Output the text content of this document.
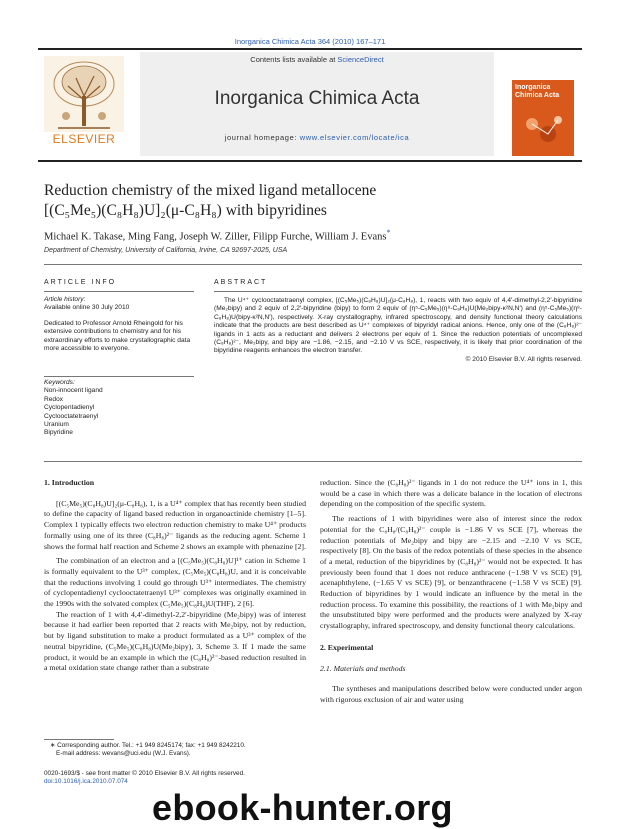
Inorganica Chimica Acta 364 (2010) 167–171
ELSEVIER
Contents lists available at ScienceDirect
Inorganica Chimica Acta
journal homepage: www.elsevier.com/locate/ica
Inorganica Chimica Acta

Reduction chemistry of the mixed ligand metallocene

[(C₅Me₅)(C₈H₈)U]₂(μ-C₈H₈) with bipyridines

Michael K. Takase, Ming Fang, Joseph W. Ziller, Filipp Furche, William J. Evans*
Department of Chemistry, University of California, Irvine, CA 92697-2025, USA
ARTICLE INFO

Article history:

Available online 30 July 2010

Dedicated to Professor Arnold Rheingold for his extensive contributions to chemistry and for his extraordinary efforts to make crystallographic data more accessible to everyone.

Keywords:

Non-innocent ligand

Redox

Cyclopentadienyl

Cyclooctatetraenyl

Uranium

Bipyridine

ABSTRACT

The U⁴⁺ cyclooctatetraenyl complex, [(C₅Me₅)(C₈H₈)U]₂(μ-C₈H₈), 1, reacts with two equiv of 4,4′-dimethyl-2,2′-bipyridine (Me₂bipy) and 2 equiv of 2,2′-bipyridine (bipy) to form 2 equiv of (η⁵-C₅Me₅)(η⁸-C₈H₈)U(Me₂bipy-κ²N,N′) and (η⁵-C₅Me₅)(η⁸-C₈H₈)U(bipy-κ²N,N′), respectively. X-ray crystallography, infrared spectroscopy, and density functional theory calculations indicate that the products are best described as U⁴⁺ complexes of bipyridyl radical anions. Hence, only one of the (C₈H₈)²⁻ ligands in 1 acts as a reductant and delivers 2 electrons per equiv of 1. Since the reduction potentials of uncomplexed (C₈H₈)²⁻, Me₂bipy, and bipy are −1.86, −2.15, and −2.10 V vs SCE, respectively, it is likely that prior coordination of the bipyridine reagents enhances the electron transfer.

© 2010 Elsevier B.V. All rights reserved.

1. Introduction

[(C₅Me₅)(C₈H₈)U]₂(μ-C₈H₈), 1, is a U⁴⁺ complex that has recently been studied to define the capacity of ligand based reduction in organoactinide chemistry [1–5]. Complex 1 typically effects two electron reduction chemistry to make U⁴⁺ products formally using one of its three (C₈H₈)²⁻ ligands as the reducing agent. Scheme 1 shows the formal half reaction and Scheme 2 shows an example with phenazine [2].

The combination of an electron and a [(C₅Me₅)(C₈H₈)U]¹⁺ cation in Scheme 1 is formally equivalent to the U³⁺ complex, (C₅Me₅)(C₈H₈)U, and it is conceivable that the reductions involving 1 could go through U³⁺ intermediates. The chemistry of cyclopentadienyl cyclooctatetraenyl U³⁺ complexes was originally examined in the 1990s with the solvated complex (C₅Me₅)(C₈H₈)U(THF), 2 [6].

The reaction of 1 with 4,4′-dimethyl-2,2′-bipyridine (Me₂bipy) was of interest because it had earlier been reported that 2 reacts with Me₂bipy, not by reduction, but by ligand substitution to make a product formulated as a U³⁺ complex of the neutral bipyridine, (C₅Me₅)(C₈H₈)U(Me₂bipy), 3, Scheme 3. If 1 made the same product, it would be an example in which the (C₈H₈)²⁻-based reduction resulted in a metal oxidation state change rather than a substrate

∗ Corresponding author. Tel.: +1 949 8245174; fax: +1 949 8242210.

E-mail address: wevans@uci.edu (W.J. Evans).

0020-1693/$ - see front matter © 2010 Elsevier B.V. All rights reserved.

doi:10.1016/j.ica.2010.07.074

reduction. Since the (C₈H₈)²⁻ ligands in 1 do not reduce the U⁴⁺ ions in 1, this would be a case in which there was a delicate balance in the location of electrons depending on the composition of the specific system.

The reactions of 1 with bipyridines were also of interest since the redox potential for the C₈H₈/(C₈H₈)²⁻ couple is −1.86 V vs SCE [7], whereas the reduction potentials of Me₂bipy and bipy are −2.15 and −2.10 V vs SCE, respectively [8]. On the basis of the redox potentials of these species in the absence of a metal, reduction of the bipyridines by (C₈H₈)²⁻ would not be expected. It has previously been found that 1 does not reduce anthracene (−1.98 V vs SCE) [9], acenaphthylene, (−1.65 V vs SCE) [9], or benzanthracene (−1.58 V vs SCE) [9]. Reduction of bipyridines by 1 would indicate an influence by the metal in the reduction process. To examine this possibility, the reactions of 1 with Me₂bipy and the unsubstituted bipy were performed and the products were analyzed by X-ray crystallography, infrared spectroscopy, and density functional theory calculations.

2. Experimental

2.1. Materials and methods

The syntheses and manipulations described below were conducted under argon with rigorous exclusion of air and water using

ebook-hunter.org
